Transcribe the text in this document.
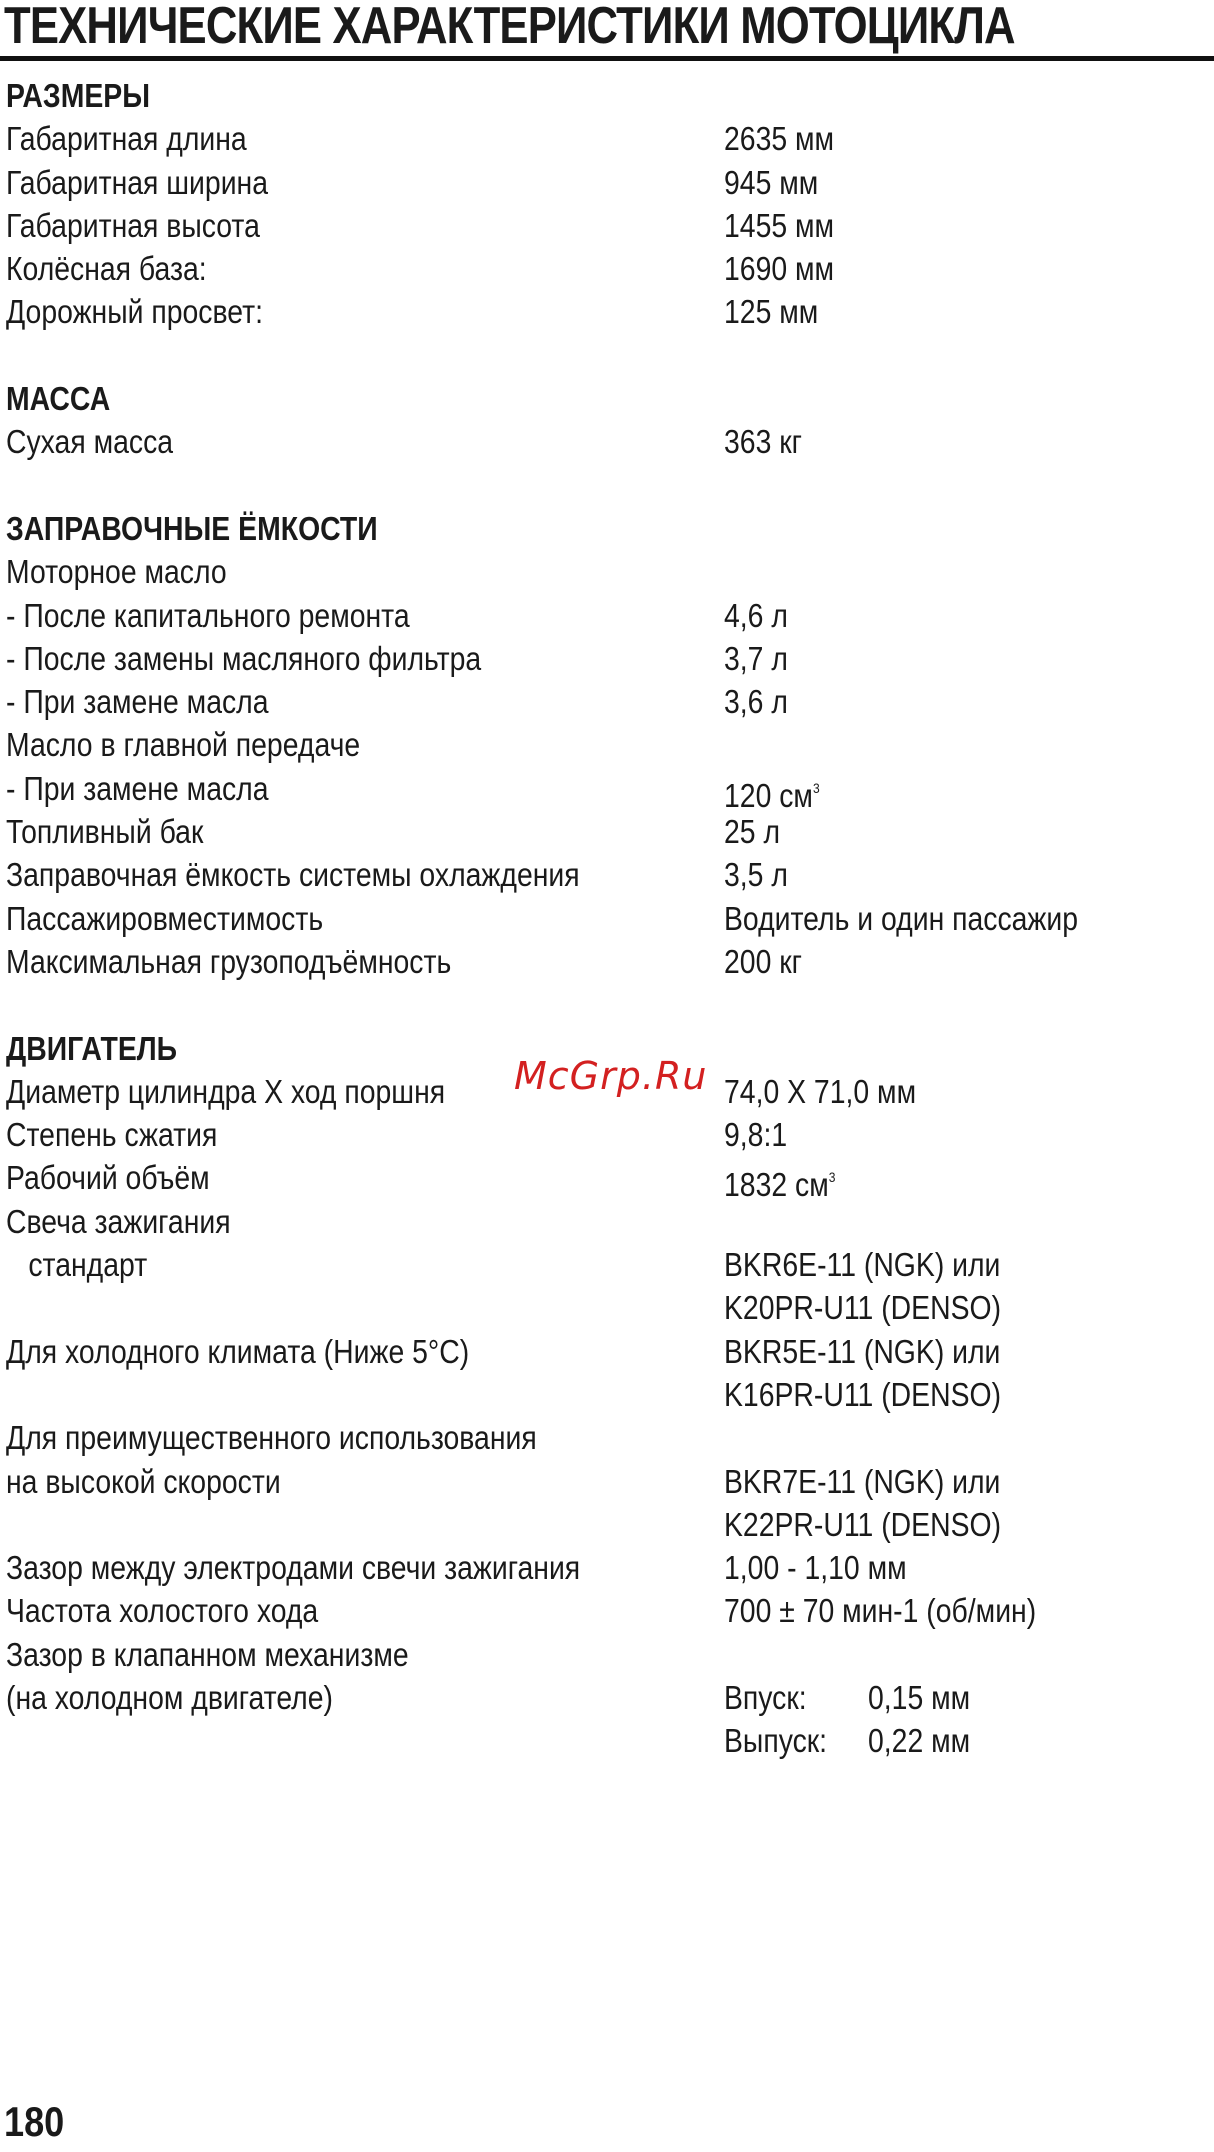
ТЕХНИЧЕСКИЕ ХАРАКТЕРИСТИКИ МОТОЦИКЛА
РАЗМЕРЫ
Габаритная длина	2635 мм
Габаритная ширина	945 мм
Габаритная высота	1455 мм
Колёсная база:	1690 мм
Дорожный просвет:	125 мм
МАССА
Сухая масса	363 кг
ЗАПРАВОЧНЫЕ ЁМКОСТИ
Моторное масло
- После капитального ремонта	4,6 л
- После замены масляного фильтра	3,7 л
- При замене масла	3,6 л
Масло в главной передаче
- При замене масла	120 $см^3$
Топливный бак	25 л
Заправочная ёмкость системы охлаждения	3,5 л
Пассажировместимость	Водитель и один пассажир
Максимальная грузоподъёмность	200 кг
ДВИГАТЕЛЬ
Диаметр цилиндра X ход поршня	74,0 X 71,0 мм
Степень сжатия	9,8:1
Рабочий объём	1832 $см^3$
Свеча зажигания
стандарт	BKR6E-11 (NGK) или
K20PR-U11 (DENSO)
Для холодного климата (Ниже 5°С)	BKR5E-11 (NGK) или
K16PR-U11 (DENSO)
Для преимущественного использования
на высокой скорости	BKR7E-11 (NGK) или
K22PR-U11 (DENSO)
Зазор между электродами свечи зажигания	1,00 - 1,10 мм
Частота холостого хода	700 ± 70 мин-1 (об/мин)
Зазор в клапанном механизме
(на холодном двигателе)	Впуск: 0,15 мм
Выпуск: 0,22 мм
McGrp.Ru
180
